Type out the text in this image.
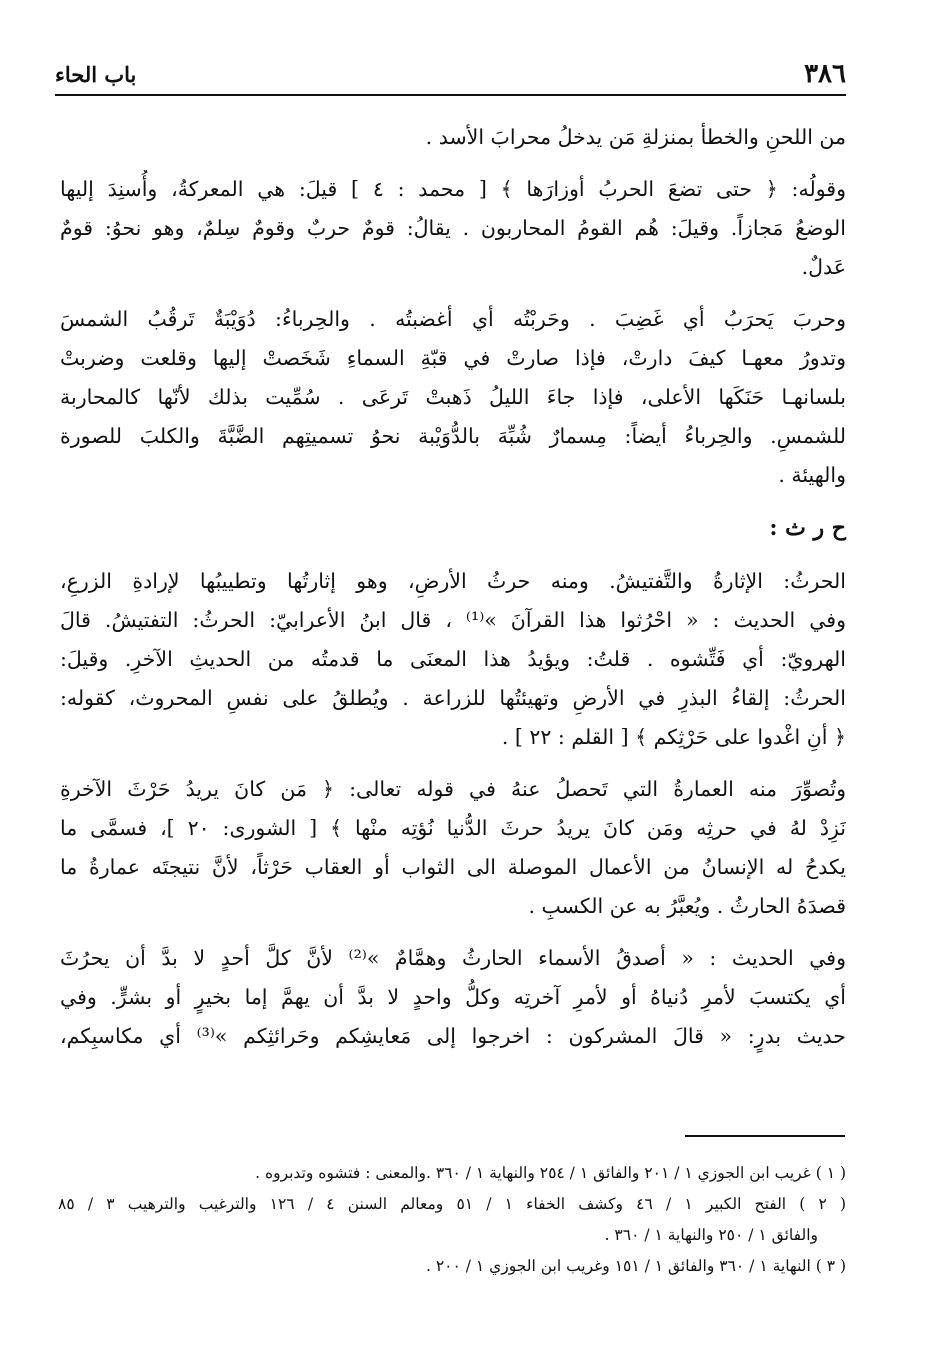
٣٨٦
باب الحاء
من اللحنِ والخطأ بمنزلةِ مَن يدخلُ محرابَ الأسد .
وقولُه: ﴿ حتى تضعَ الحربُ أوزارَها ﴾ [ محمد : ٤ ] قيلَ: هي المعركةُ، وأُسنِدَ إليها
الوضعُ مَجازاً. وقيلَ: هُم القومُ المحاربون . يقالُ: قومٌ حربٌ وقومٌ سِلمٌ، وهو نحوُ: قومٌ
عَدلٌ.
وحربَ يَحرَبُ أي غَضِبَ . وحَربْتُه أي أغضبتُه . والحِرباءُ: دُوَيْبَةٌ تَرقُبُ الشمسَ
وتدورُ معهـا كيفَ دارتْ، فإذا صارتْ في قبّةِ السماءِ شَخَصتْ إليها وقلعت وضربتْ
بلسانهـا حَنَكَها الأعلى، فإذا جاءَ الليلُ ذَهبتْ تَرعَى . سُمِّيت بذلك لأنّها كالمحاربة
للشمسِ. والحِرباءُ أيضاً: مِسمارٌ شُبِّهَ بالدُّوَيْبة نحوُ تسميتِهم الضَّبَّةَ والكلبَ للصورة
والهيئة .
ح ر ث :
الحرثُ: الإثارةُ والتَّفتيشُ. ومنه حرثُ الأرضِ، وهو إثارتُها وتطييبُها لإرادةِ الزرعِ،
وفي الحديث : « احْرُثوا هذا القرآنَ »⁽¹⁾ ، قال ابنُ الأعرابيّ: الحرثُ: التفتيشُ. قالَ
الهرويّ: أي فَتِّشوه . قلتُ: ويؤيدُ هذا المعنَى ما قدمتُه من الحديثِ الآخرِ. وقيلَ:
الحرثُ: إلقاءُ البذرِ في الأرضِ وتهيئتُها للزراعة . ويُطلقُ على نفسِ المحروث، كقوله:
﴿ أنِ اغْدوا على حَرْثِكم ﴾ [ القلم : ٢٢ ] .
وتُصوِّرَ منه العمارةُ التي تَحصلُ عنهُ في قوله تعالى: ﴿ مَن كانَ يريدُ حَرْثَ الآخرةِ
نَزِدْ لهُ في حرثِه ومَن كانَ يريدُ حرثَ الدُّنيا نُؤتِه منْها ﴾ [ الشورى: ٢٠ ]، فسمَّى ما
يكدحُ له الإنسانُ من الأعمال الموصلة الى الثواب أو العقاب حَرْثاً، لأنَّ نتيجتَه عمارةُ ما
قصدَهُ الحارثُ . ويُعبَّرُ به عن الكسبِ .
وفي الحديث : « أصدقُ الأسماء الحارثُ وهمَّامٌ »⁽²⁾ لأنَّ كلَّ أحدٍ لا بدَّ أن يحرُثَ
أي يكتسبَ لأمرِ دُنياهُ أو لأمرِ آخرتِه وكلُّ واحدٍ لا بدَّ أن يهمَّ إما بخيرٍ أو بشرٍّ. وفي
حديث بدرٍ: « قالَ المشركون : اخرجوا إلى مَعايشِكم وحَرائثِكم »⁽³⁾ أي مكاسبِكم،
( ١ ) غريب ابن الجوزي ١ / ٢٠١ والفائق ١ / ٢٥٤ والنهاية ١ / ٣٦٠ .والمعنى : فتشوه وتدبروه .
( ٢ ) الفتح الكبير ١ / ٤٦ وكشف الخفاء ١ / ٥١ ومعالم السنن ٤ / ١٢٦ والترغيب والترهيب ٣ / ٨٥
والفائق ١ / ٢٥٠ والنهاية ١ / ٣٦٠ .
( ٣ ) النهاية ١ / ٣٦٠ والفائق ١ / ١٥١ وغريب ابن الجوزي ١ / ٢٠٠ .
